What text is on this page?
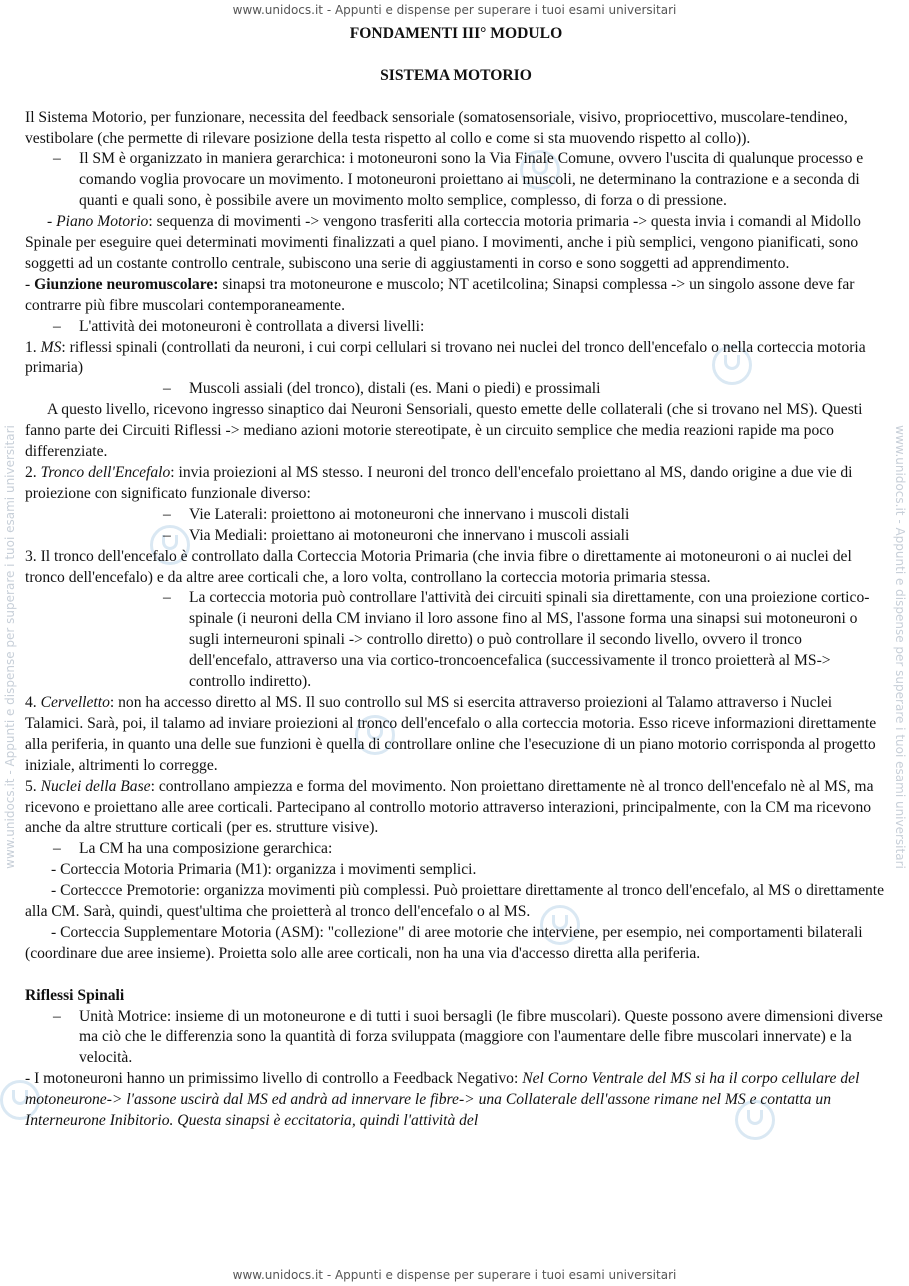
www.unidocs.it - Appunti e dispense per superare i tuoi esami universitari
www.unidocs.it - Appunti e dispense per superare i tuoi esami universitari
www.unidocs.it - Appunti e dispense per superare i tuoi esami universitari	www.unidocs.it - Appunti e dispense per superare i tuoi esami universitari
FONDAMENTI III° MODULO
SISTEMA MOTORIO

Il Sistema Motorio, per funzionare, necessita del feedback sensoriale (somatosensoriale, visivo, propriocettivo, muscolare-tendineo, vestibolare (che permette di rilevare posizione della testa rispetto al collo e come si sta muovendo rispetto al collo)).

– Il SM è organizzato in maniera gerarchica: i motoneuroni sono la Via Finale Comune, ovvero l'uscita di qualunque processo e comando voglia provocare un movimento. I motoneuroni proiettano ai muscoli, ne determinano la contrazione e a seconda di quanti e quali sono, è possibile avere un movimento molto semplice, complesso, di forza o di pressione.

- Piano Motorio: sequenza di movimenti -> vengono trasferiti alla corteccia motoria primaria -> questa invia i comandi al Midollo Spinale per eseguire quei determinati movimenti finalizzati a quel piano. I movimenti, anche i più semplici, vengono pianificati, sono soggetti ad un costante controllo centrale, subiscono una serie di aggiustamenti in corso e sono soggetti ad apprendimento.

- Giunzione neuromuscolare: sinapsi tra motoneurone e muscolo; NT acetilcolina; Sinapsi complessa -> un singolo assone deve far contrarre più fibre muscolari contemporaneamente.

– L'attività dei motoneuroni è controllata a diversi livelli:

1. MS: riflessi spinali (controllati da neuroni, i cui corpi cellulari si trovano nei nuclei del tronco dell'encefalo o nella corteccia motoria primaria)

– Muscoli assiali (del tronco), distali (es. Mani o piedi) e prossimali

A questo livello, ricevono ingresso sinaptico dai Neuroni Sensoriali, questo emette delle collaterali (che si trovano nel MS). Questi fanno parte dei Circuiti Riflessi -> mediano azioni motorie stereotipate, è un circuito semplice che media reazioni rapide ma poco differenziate.

2. Tronco dell'Encefalo: invia proiezioni al MS stesso. I neuroni del tronco dell'encefalo proiettano al MS, dando origine a due vie di proiezione con significato funzionale diverso:

– Vie Laterali: proiettono ai motoneuroni che innervano i muscoli distali

– Via Mediali: proiettano ai motoneuroni che innervano i muscoli assiali

3. Il tronco dell'encefalo è controllato dalla Corteccia Motoria Primaria (che invia fibre o direttamente ai motoneuroni o ai nuclei del tronco dell'encefalo) e da altre aree corticali che, a loro volta, controllano la corteccia motoria primaria stessa.

– La corteccia motoria può controllare l'attività dei circuiti spinali sia direttamente, con una proiezione cortico-spinale (i neuroni della CM inviano il loro assone fino al MS, l'assone forma una sinapsi sui motoneuroni o sugli interneuroni spinali -> controllo diretto) o può controllare il secondo livello, ovvero il tronco dell'encefalo, attraverso una via cortico-troncoencefalica (successivamente il tronco proietterà al MS-> controllo indiretto).

4. Cervelletto: non ha accesso diretto al MS. Il suo controllo sul MS si esercita attraverso proiezioni al Talamo attraverso i Nuclei Talamici. Sarà, poi, il talamo ad inviare proiezioni al tronco dell'encefalo o alla corteccia motoria. Esso riceve informazioni direttamente alla periferia, in quanto una delle sue funzioni è quella di controllare online che l'esecuzione di un piano motorio corrisponda al progetto iniziale, altrimenti lo corregge.

5. Nuclei della Base: controllano ampiezza e forma del movimento. Non proiettano direttamente nè al tronco dell'encefalo nè al MS, ma ricevono e proiettano alle aree corticali. Partecipano al controllo motorio attraverso interazioni, principalmente, con la CM ma ricevono anche da altre strutture corticali (per es. strutture visive).

– La CM ha una composizione gerarchica:

- Corteccia Motoria Primaria (M1): organizza i movimenti semplici.

- Corteccce Premotorie: organizza movimenti più complessi. Può proiettare direttamente al tronco dell'encefalo, al MS o direttamente alla CM. Sarà, quindi, quest'ultima che proietterà al tronco dell'encefalo o al MS.

- Corteccia Supplementare Motoria (ASM): "collezione" di aree motorie che interviene, per esempio, nei comportamenti bilaterali (coordinare due aree insieme). Proietta solo alle aree corticali, non ha una via d'accesso diretta alla periferia.

Riflessi Spinali

– Unità Motrice: insieme di un motoneurone e di tutti i suoi bersagli (le fibre muscolari). Queste possono avere dimensioni diverse ma ciò che le differenzia sono la quantità di forza sviluppata (maggiore con l'aumentare delle fibre muscolari innervate) e la velocità.

- I motoneuroni hanno un primissimo livello di controllo a Feedback Negativo: Nel Corno Ventrale del MS si ha il corpo cellulare del motoneurone-> l'assone uscirà dal MS ed andrà ad innervare le fibre-> una Collaterale dell'assone rimane nel MS e contatta un Interneurone Inibitorio. Questa sinapsi è eccitatoria, quindi l'attività del
